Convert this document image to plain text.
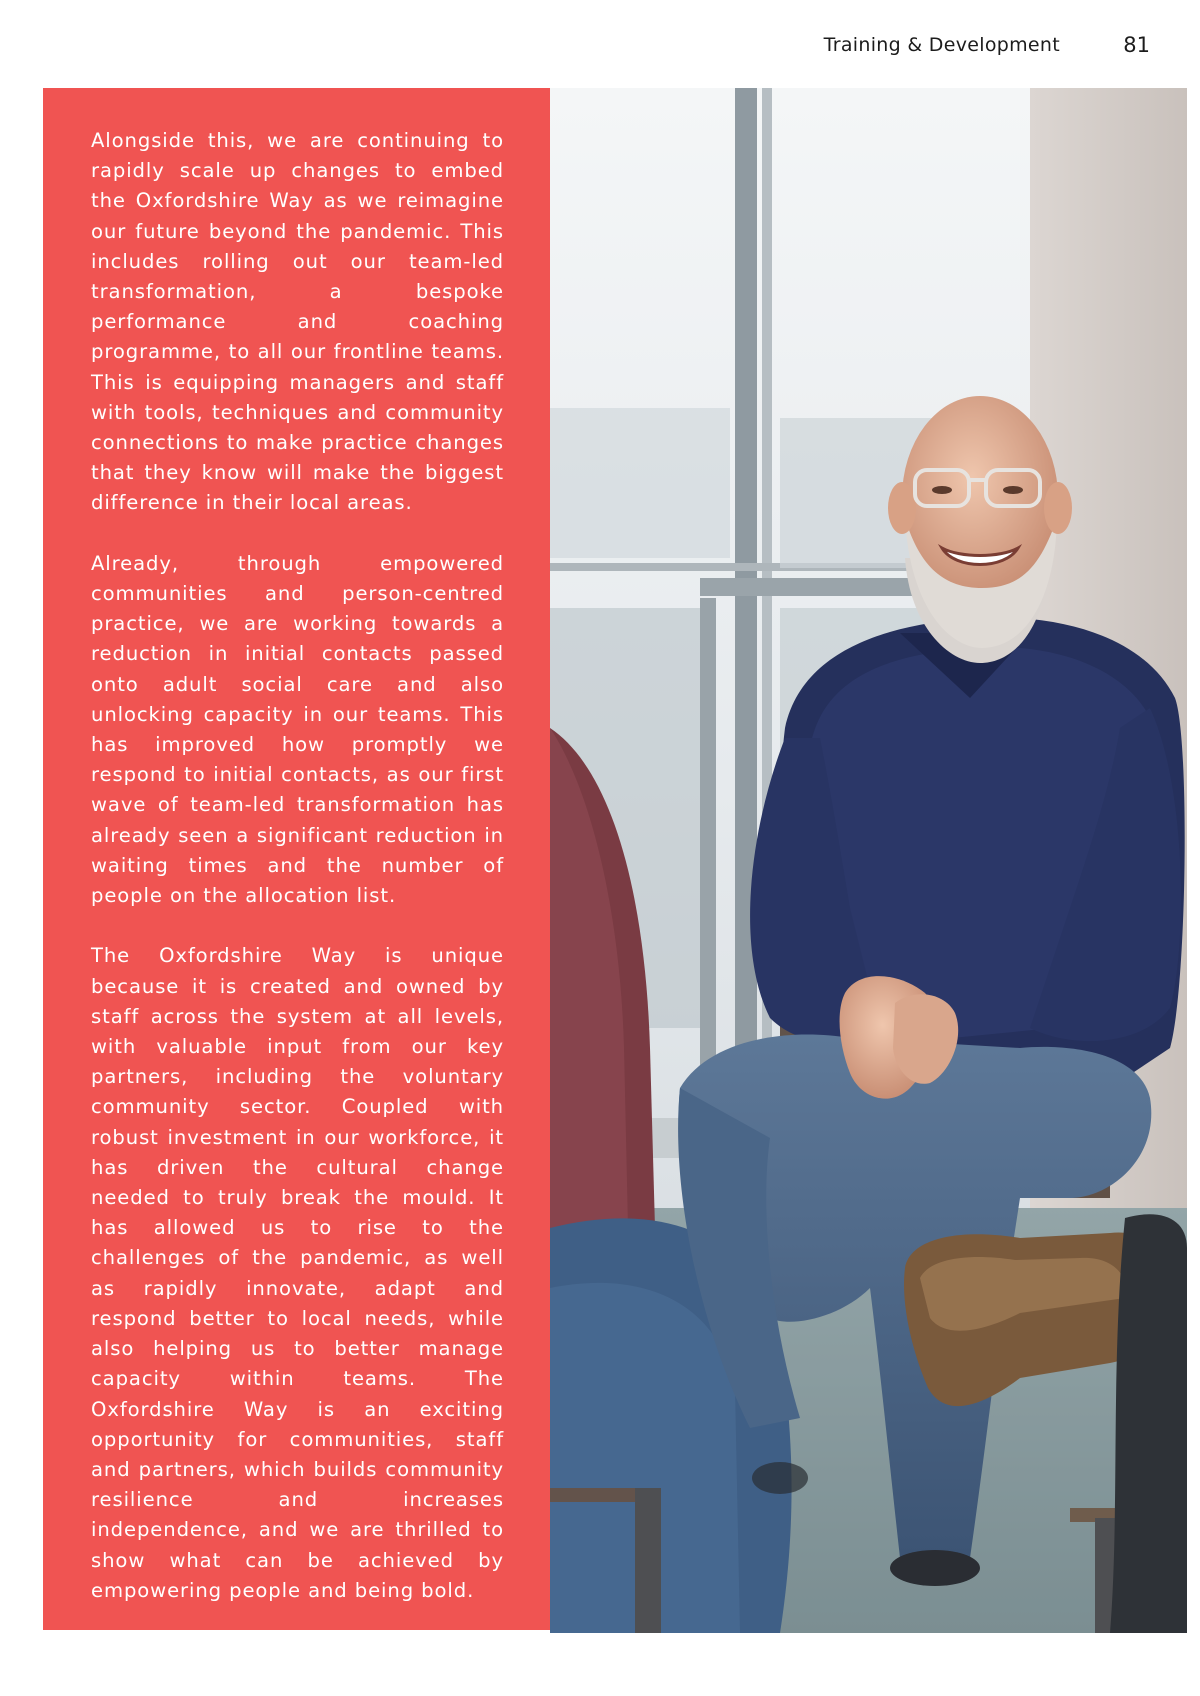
Training & Development	81

Alongside this, we are continuing to rapidly scale up changes to embed the Oxfordshire Way as we reimagine our future beyond the pandemic. This includes rolling out our team-led transformation, a bespoke performance and coaching programme, to all our frontline teams. This is equipping managers and staff with tools, techniques and community connections to make practice changes that they know will make the biggest difference in their local areas.

Already, through empowered communities and person-centred practice, we are working towards a reduction in initial contacts passed onto adult social care and also unlocking capacity in our teams. This has improved how promptly we respond to initial contacts, as our first wave of team-led transformation has already seen a significant reduction in waiting times and the number of people on the allocation list.

The Oxfordshire Way is unique because it is created and owned by staff across the system at all levels, with valuable input from our key partners, including the voluntary community sector. Coupled with robust investment in our workforce, it has driven the cultural change needed to truly break the mould. It has allowed us to rise to the challenges of the pandemic, as well as rapidly innovate, adapt and respond better to local needs, while also helping us to better manage capacity within teams. The Oxfordshire Way is an exciting opportunity for communities, staff and partners, which builds community resilience and increases independence, and we are thrilled to show what can be achieved by empowering people and being bold.
